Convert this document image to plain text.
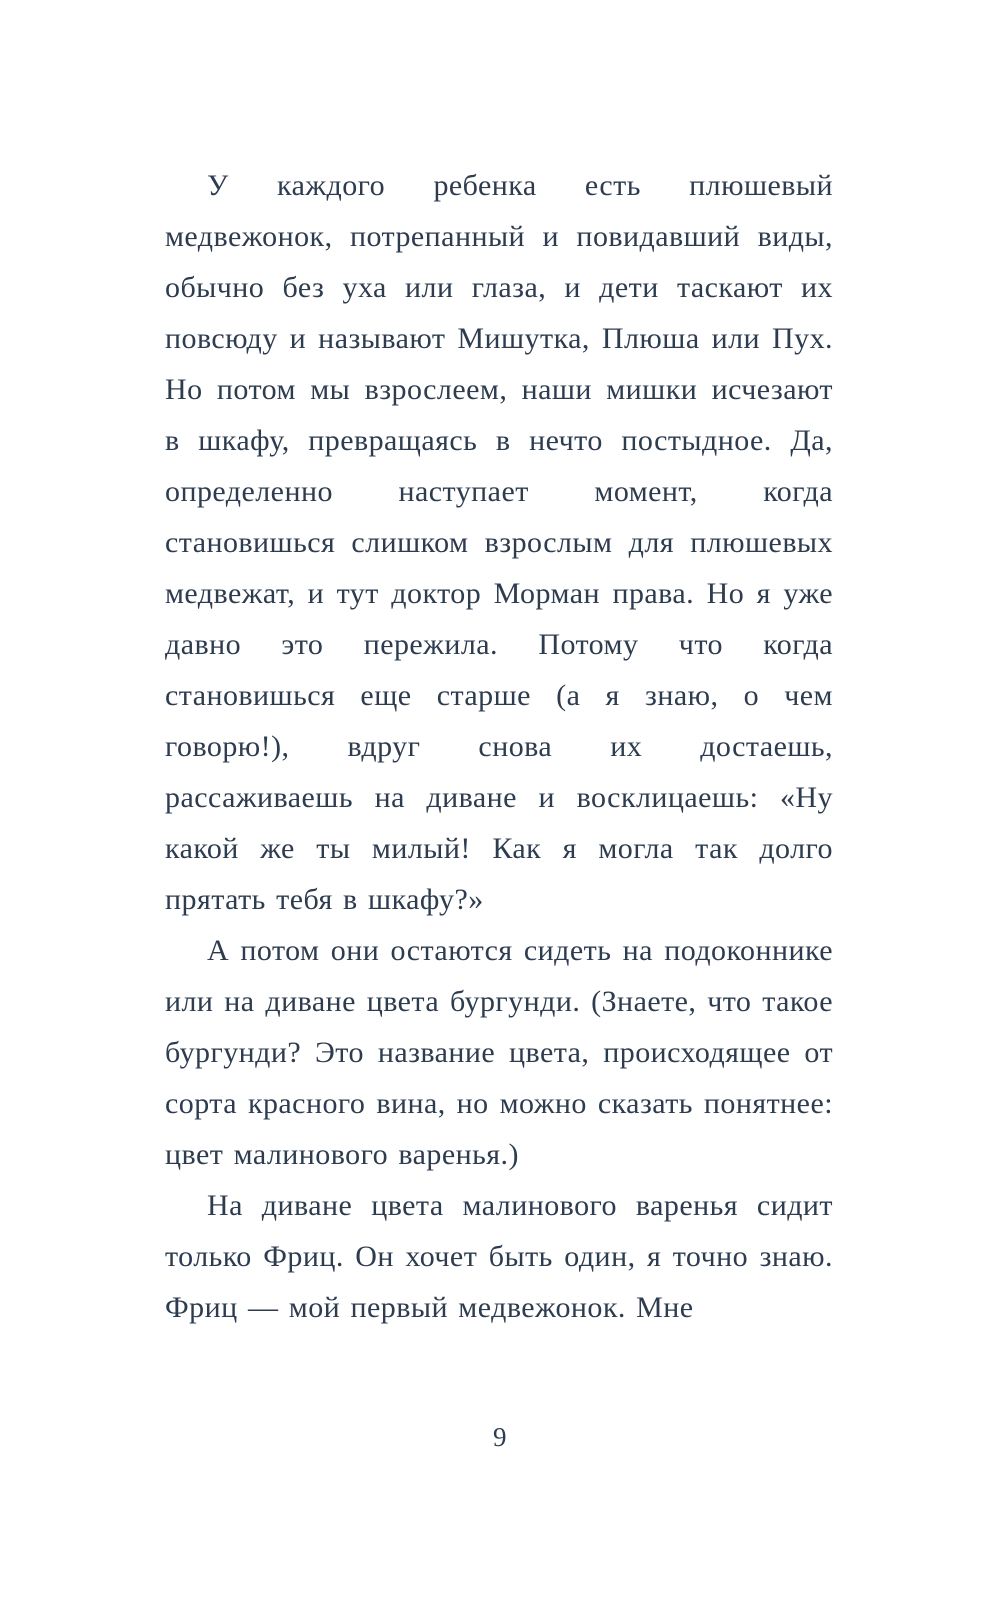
У каждого ребенка есть плюшевый медвежонок, потрепанный и повидавший виды, обычно без уха или глаза, и дети таскают их повсюду и называют Мишутка, Плюша или Пух. Но потом мы взрослеем, наши мишки исчезают в шкафу, превращаясь в нечто постыдное. Да, определенно наступает момент, когда становишься слишком взрослым для плюшевых медвежат, и тут доктор Морман права. Но я уже давно это пережила. Потому что когда становишься еще старше (а я знаю, о чем говорю!), вдруг снова их достаешь, рассаживаешь на диване и восклицаешь: «Ну какой же ты милый! Как я могла так долго прятать тебя в шкафу?»

А потом они остаются сидеть на подоконнике или на диване цвета бургунди. (Знаете, что такое бургунди? Это название цвета, происходящее от сорта красного вина, но можно сказать понятнее: цвет малинового варенья.)

На диване цвета малинового варенья сидит только Фриц. Он хочет быть один, я точно знаю. Фриц — мой первый медвежонок. Мне

9
